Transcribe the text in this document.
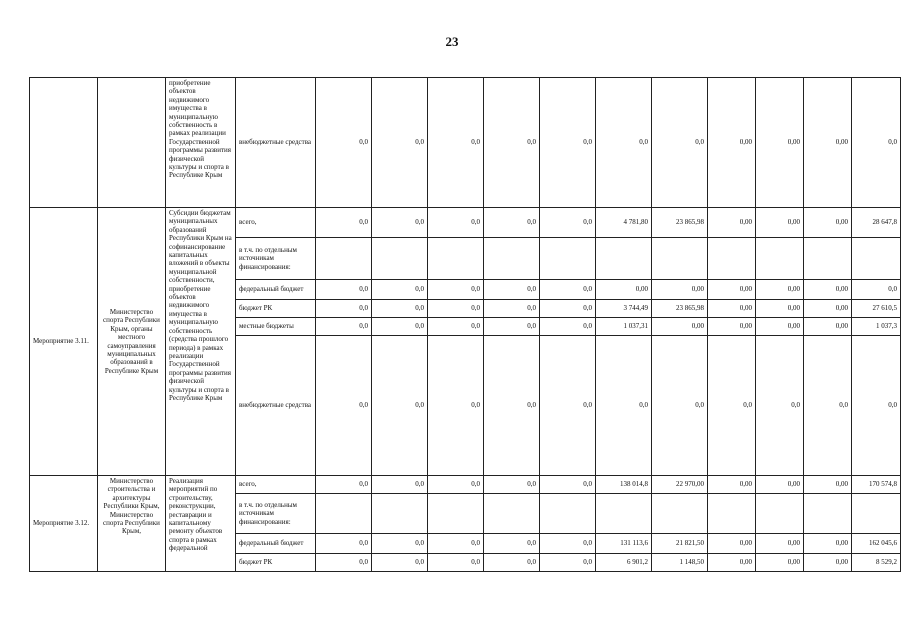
23
		приобретение объектов недвижимого имущества в муниципальную собственность в рамках реализации Государственной программы развития физической культуры и спорта в Республике Крым	внебюджетные средства	0,0	0,0	0,0	0,0	0,0	0,0	0,0	0,00	0,00	0,00	0,0
Мероприятие 3.11.	Министерство спорта Республики Крым, органы местного самоуправления муниципальных образований в Республике Крым	Субсидии бюджетам муниципальных образований Республики Крым на софинансирование капитальных вложений в объекты муниципальной собственности, приобретение объектов недвижимого имущества в муниципальную собственность (средства прошлого периода) в рамках реализации Государственной программы развития физической культуры и спорта в Республике Крым	всего,	0,0	0,0	0,0	0,0	0,0	4 781,80	23 865,98	0,00	0,00	0,00	28 647,8
			в т.ч. по отдельным источникам финансирования:											
			федеральный бюджет	0,0	0,0	0,0	0,0	0,0	0,00	0,00	0,00	0,00	0,00	0,0
			бюджет РК	0,0	0,0	0,0	0,0	0,0	3 744,49	23 865,98	0,00	0,00	0,00	27 610,5
			местные бюджеты	0,0	0,0	0,0	0,0	0,0	1 037,31	0,00	0,00	0,00	0,00	1 037,3
			внебюджетные средства	0,0	0,0	0,0	0,0	0,0	0,0	0,0	0,0	0,0	0,0	0,0
Мероприятие 3.12.	Министерство строительства и архитектуры Республики Крым, Министерство спорта Республики Крым,	Реализация мероприятий по строительству, реконструкции, реставрации и капитальному ремонту объектов спорта в рамках федеральной	всего,	0,0	0,0	0,0	0,0	0,0	138 014,8	22 970,00	0,00	0,00	0,00	170 574,8
			в т.ч. по отдельным источникам финансирования:											
			федеральный бюджет	0,0	0,0	0,0	0,0	0,0	131 113,6	21 821,50	0,00	0,00	0,00	162 045,6
			бюджет РК	0,0	0,0	0,0	0,0	0,0	6 901,2	1 148,50	0,00	0,00	0,00	8 529,2
